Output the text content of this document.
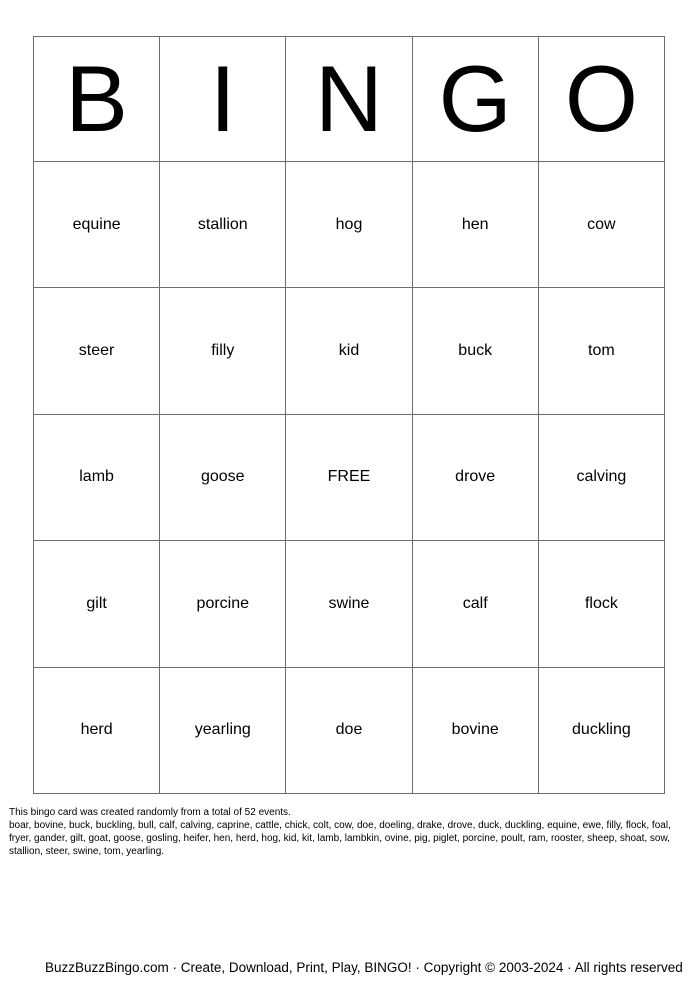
B I N G O
equine	stallion	hog	hen	cow
steer	filly	kid	buck	tom
lamb	goose	FREE	drove	calving
gilt	porcine	swine	calf	flock
herd	yearling	doe	bovine	duckling
This bingo card was created randomly from a total of 52 events.
boar, bovine, buck, buckling, bull, calf, calving, caprine, cattle, chick, colt, cow, doe, doeling, drake, drove, duck, duckling, equine, ewe, filly, flock, foal, fryer, gander, gilt, goat, goose, gosling, heifer, hen, herd, hog, kid, kit, lamb, lambkin, ovine, pig, piglet, porcine, poult, ram, rooster, sheep, shoat, sow, stallion, steer, swine, tom, yearling.
BuzzBuzzBingo.com · Create, Download, Print, Play, BINGO! · Copyright © 2003-2024 · All rights reserved
